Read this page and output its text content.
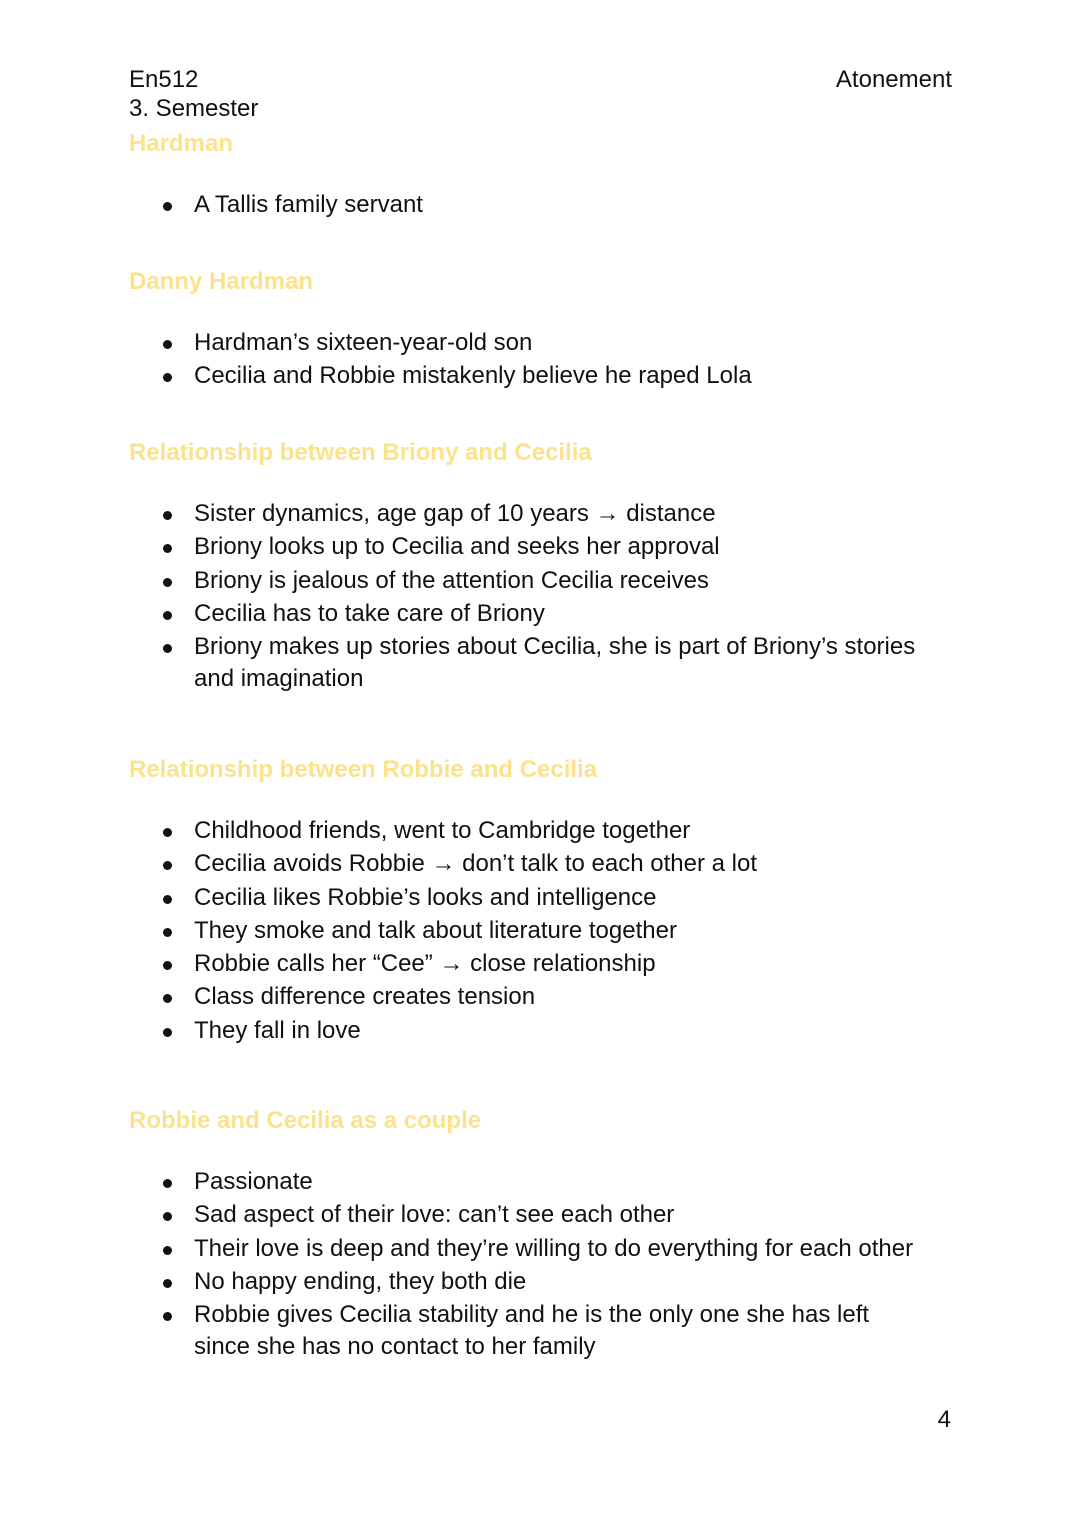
En512
3. Semester
Atonement
Hardman
A Tallis family servant
Danny Hardman
Hardman’s sixteen-year-old son
Cecilia and Robbie mistakenly believe he raped Lola
Relationship between Briony and Cecilia
Sister dynamics, age gap of 10 years → distance
Briony looks up to Cecilia and seeks her approval
Briony is jealous of the attention Cecilia receives
Cecilia has to take care of Briony
Briony makes up stories about Cecilia, she is part of Briony’s stories and imagination
Relationship between Robbie and Cecilia
Childhood friends, went to Cambridge together
Cecilia avoids Robbie → don’t talk to each other a lot
Cecilia likes Robbie’s looks and intelligence
They smoke and talk about literature together
Robbie calls her “Cee” → close relationship
Class difference creates tension
They fall in love
Robbie and Cecilia as a couple
Passionate
Sad aspect of their love: can’t see each other
Their love is deep and they’re willing to do everything for each other
No happy ending, they both die
Robbie gives Cecilia stability and he is the only one she has left since she has no contact to her family
4
